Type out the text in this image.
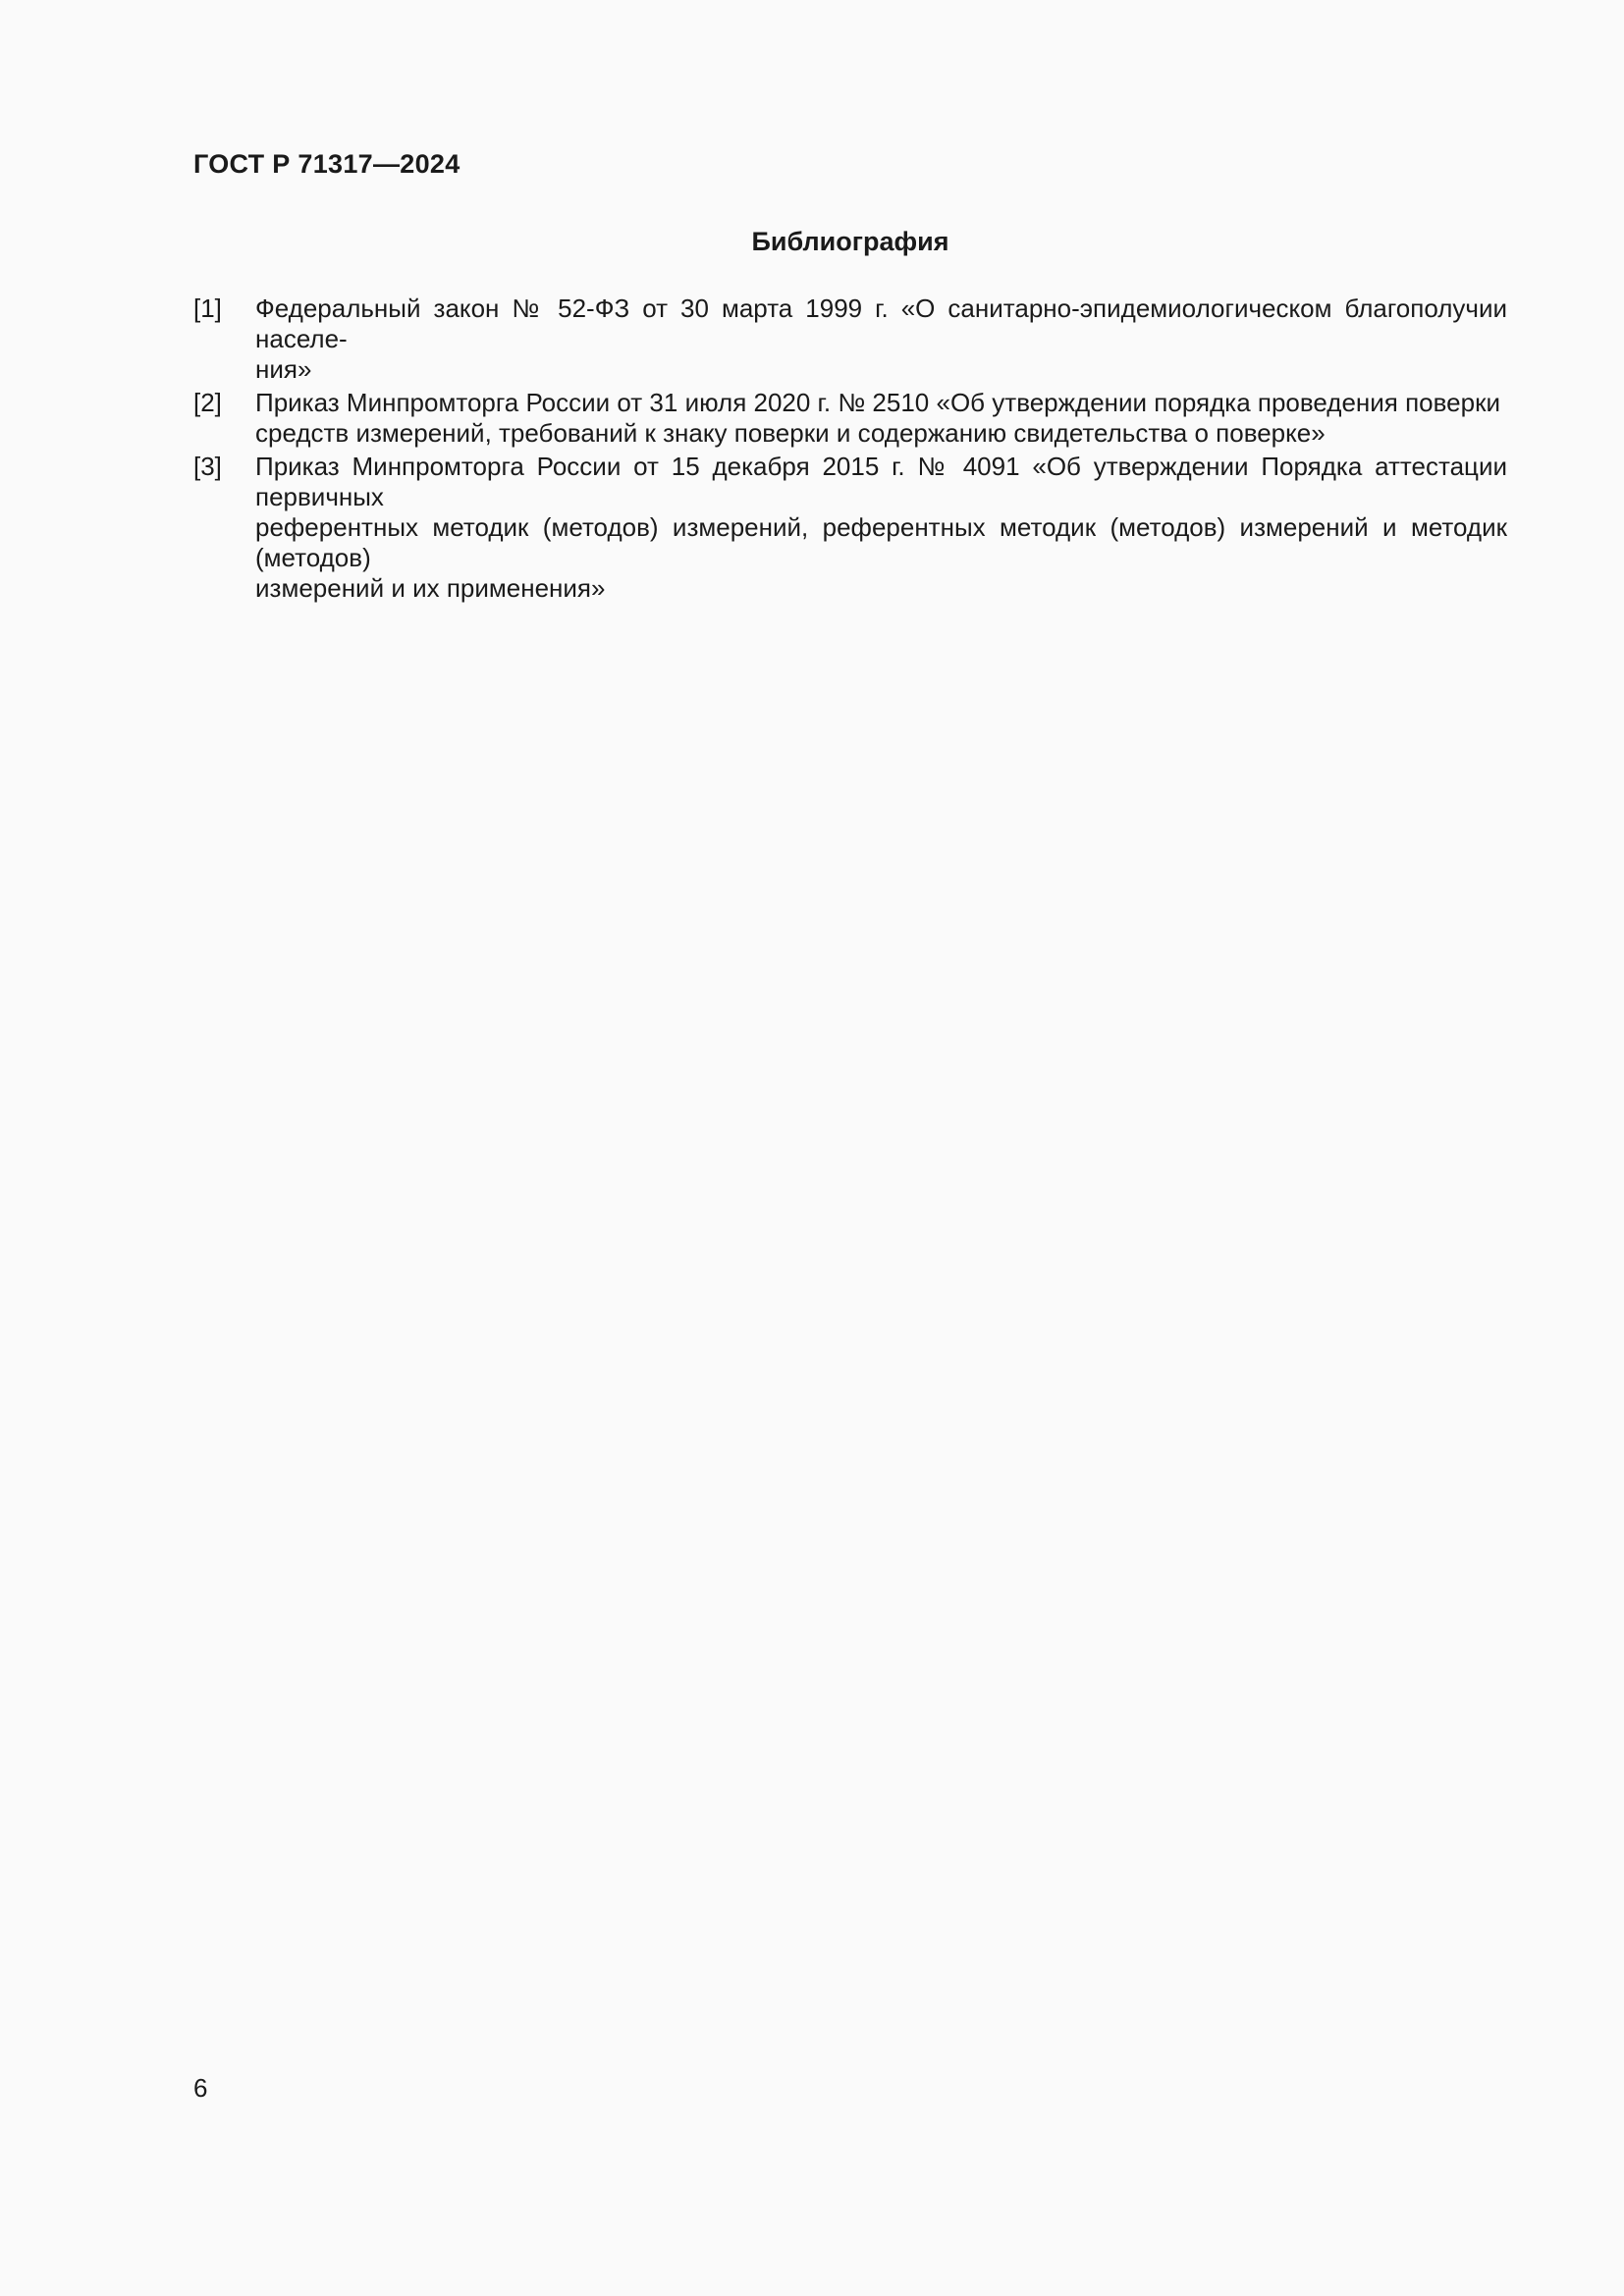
ГОСТ Р 71317—2024
Библиография
[1]	Федеральный закон № 52-ФЗ от 30 марта 1999 г. «О санитарно-эпидемиологическом благополучии населе-
ния»
[2]	Приказ Минпромторга России от 31 июля 2020 г. № 2510 «Об утверждении порядка проведения поверки
средств измерений, требований к знаку поверки и содержанию свидетельства о поверке»
[3]	Приказ Минпромторга России от 15 декабря 2015 г. № 4091 «Об утверждении Порядка аттестации первичных
референтных методик (методов) измерений, референтных методик (методов) измерений и методик (методов)
измерений и их применения»

6
